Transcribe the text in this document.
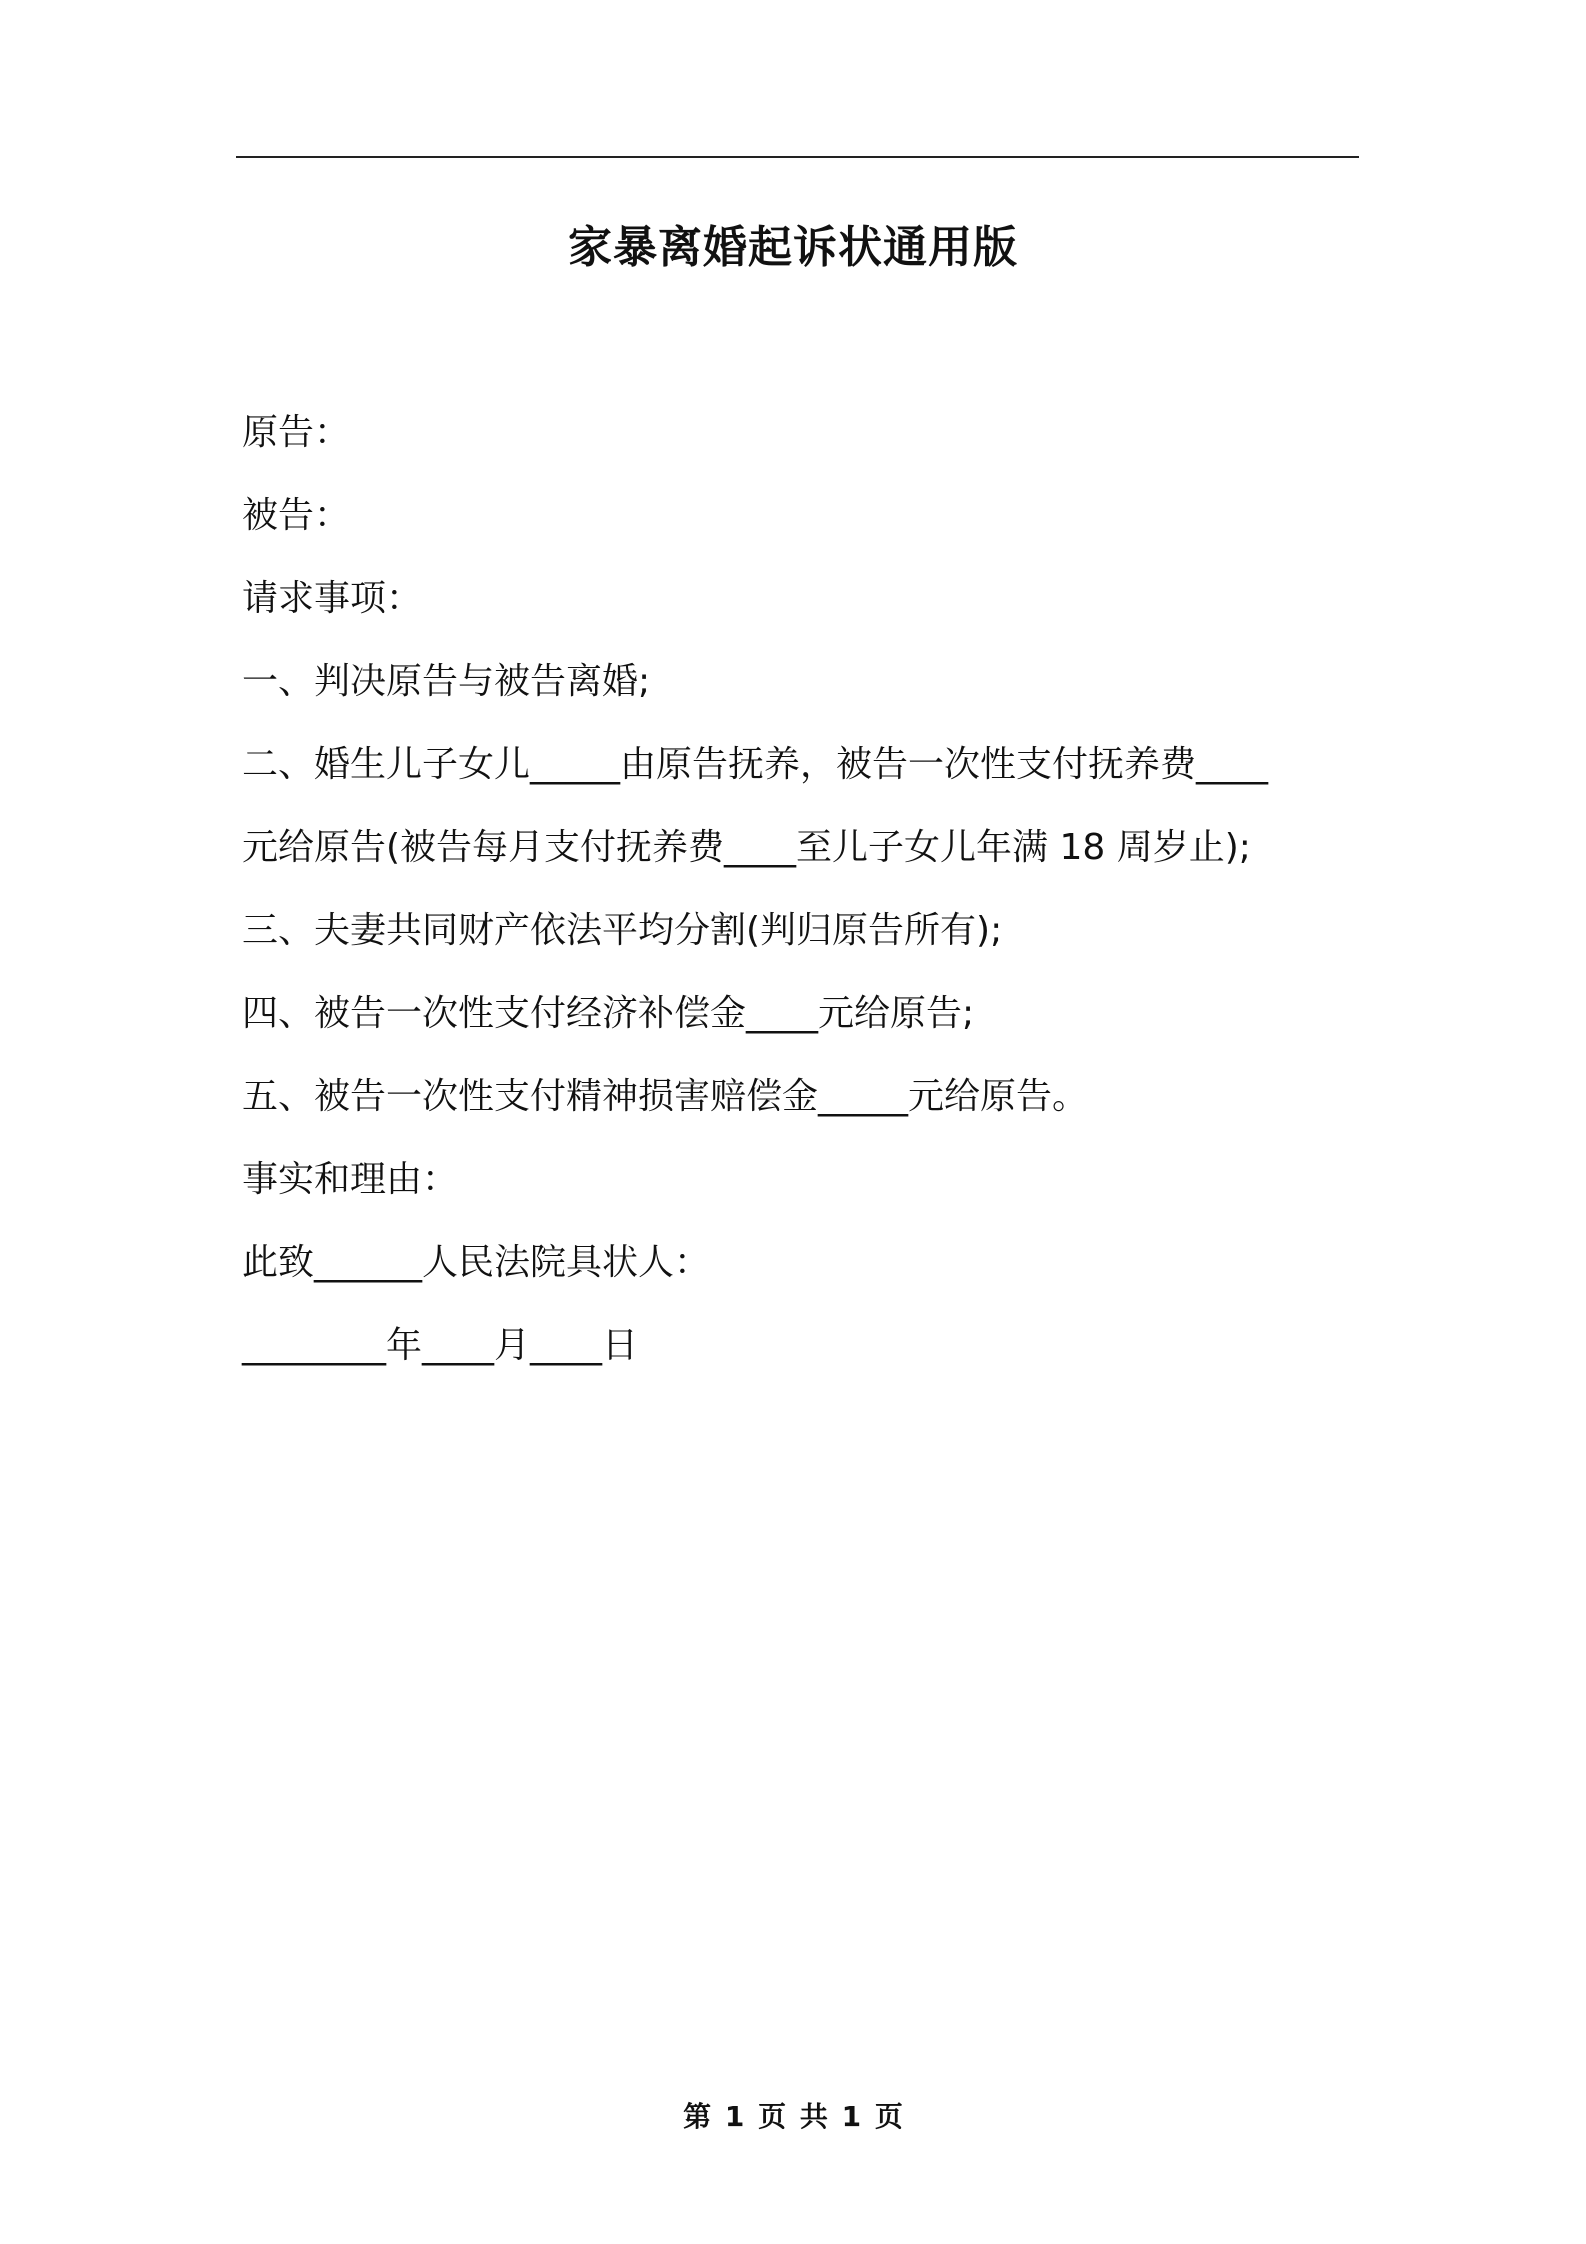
家暴离婚起诉状通用版
原告：
被告：
请求事项：
一、判决原告与被告离婚;
二、婚生儿子女儿_____由原告抚养，被告一次性支付抚养费____
元给原告(被告每月支付抚养费____至儿子女儿年满 18 周岁止);
三、夫妻共同财产依法平均分割(判归原告所有);
四、被告一次性支付经济补偿金____元给原告;
五、被告一次性支付精神损害赔偿金_____元给原告。
事实和理由：
此致______人民法院具状人：
________年____月____日
第 1 页 共 1 页
